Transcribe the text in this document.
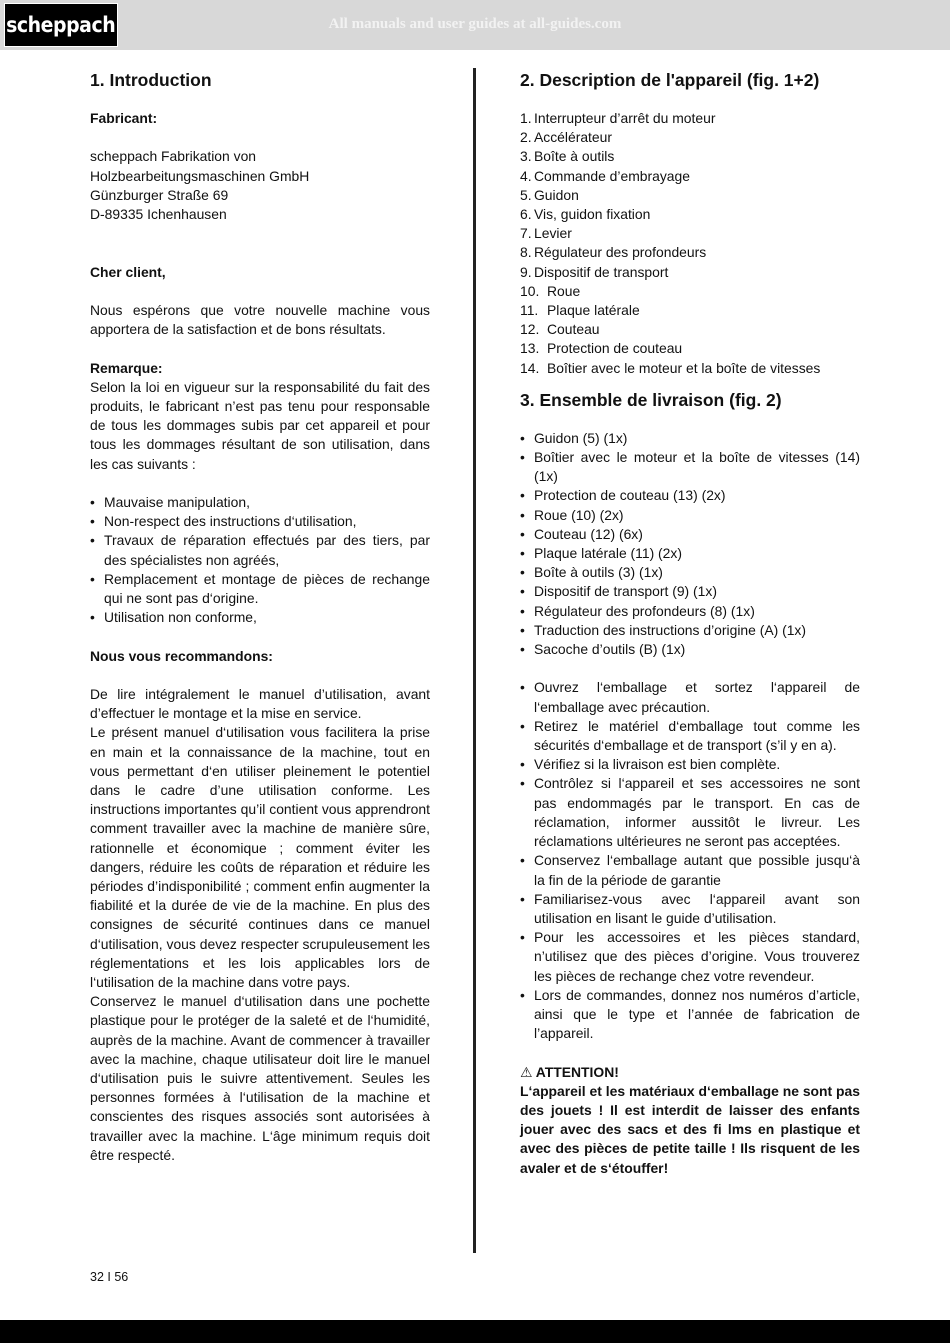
scheppach	All manuals and user guides at all-guides.com
1. Introduction

Fabricant:

scheppach Fabrikation von
Holzbearbeitungsmaschinen GmbH
Günzburger Straße 69
D-89335 Ichenhausen

Cher client,

Nous espérons que votre nouvelle machine vous apportera de la satisfaction et de bons résultats.

Remarque:

Selon la loi en vigueur sur la responsabilité du fait des produits, le fabricant n’est pas tenu pour responsable de tous les dommages subis par cet appareil et pour tous les dommages résultant de son utilisation, dans les cas suivants :

• Mauvaise manipulation,
• Non-respect des instructions d‘utilisation,
• Travaux de réparation effectués par des tiers, par des spécialistes non agréés,
• Remplacement et montage de pièces de rechange qui ne sont pas d‘origine.
• Utilisation non conforme,

Nous vous recommandons:

De lire intégralement le manuel d’utilisation, avant d’effectuer le montage et la mise en service.

Le présent manuel d‘utilisation vous facilitera la prise en main et la connaissance de la machine, tout en vous permettant d‘en utiliser pleinement le potentiel dans le cadre d’une utilisation conforme. Les instructions importantes qu’il contient vous apprendront comment travailler avec la machine de manière sûre, rationnelle et économique ; comment éviter les dangers, réduire les coûts de réparation et réduire les périodes d’indisponibilité ; comment enfin augmenter la fiabilité et la durée de vie de la machine. En plus des consignes de sécurité continues dans ce manuel d‘utilisation, vous devez respecter scrupuleusement les réglementations et les lois applicables lors de l‘utilisation de la machine dans votre pays.

Conservez le manuel d‘utilisation dans une pochette plastique pour le protéger de la saleté et de l‘humidité, auprès de la machine. Avant de commencer à travailler avec la machine, chaque utilisateur doit lire le manuel d‘utilisation puis le suivre attentivement. Seules les personnes formées à l‘utilisation de la machine et conscientes des risques associés sont autorisées à travailler avec la machine. L‘âge minimum requis doit être respecté.

2. Description de l'appareil (fig. 1+2)
1. Interrupteur d’arrêt du moteur
2. Accélérateur
3. Boîte à outils
4. Commande d’embrayage
5. Guidon
6. Vis, guidon fixation
7. Levier
8. Régulateur des profondeurs
9. Dispositif de transport
10. Roue
11. Plaque latérale
12. Couteau
13. Protection de couteau
14. Boîtier avec le moteur et la boîte de vitesses
3. Ensemble de livraison (fig. 2)
• Guidon (5) (1x)
• Boîtier avec le moteur et la boîte de vitesses (14) (1x)
• Protection de couteau (13) (2x)
• Roue (10) (2x)
• Couteau (12) (6x)
• Plaque latérale (11) (2x)
• Boîte à outils (3) (1x)
• Dispositif de transport (9) (1x)
• Régulateur des profondeurs (8) (1x)
• Traduction des instructions d’origine (A) (1x)
• Sacoche d’outils (B) (1x)
• Ouvrez l‘emballage et sortez l‘appareil de l‘emballage avec précaution.
• Retirez le matériel d‘emballage tout comme les sécurités d‘emballage et de transport (s’il y en a).
• Vérifiez si la livraison est bien complète.
• Contrôlez si l‘appareil et ses accessoires ne sont pas endommagés par le transport. En cas de réclamation, informer aussitôt le livreur. Les réclamations ultérieures ne seront pas acceptées.
• Conservez l‘emballage autant que possible jusqu‘à la fin de la période de garantie
• Familiarisez-vous avec l‘appareil avant son utilisation en lisant le guide d’utilisation.
• Pour les accessoires et les pièces standard, n’utilisez que des pièces d’origine. Vous trouverez les pièces de rechange chez votre revendeur.
• Lors de commandes, donnez nos numéros d’article, ainsi que le type et l’année de fabrication de l’appareil.

⚠ ATTENTION!

L‘appareil et les matériaux d‘emballage ne sont pas des jouets ! Il est interdit de laisser des enfants jouer avec des sacs et des fi lms en plastique et avec des pièces de petite taille ! Ils risquent de les avaler et de s‘étouffer!

32 I 56
